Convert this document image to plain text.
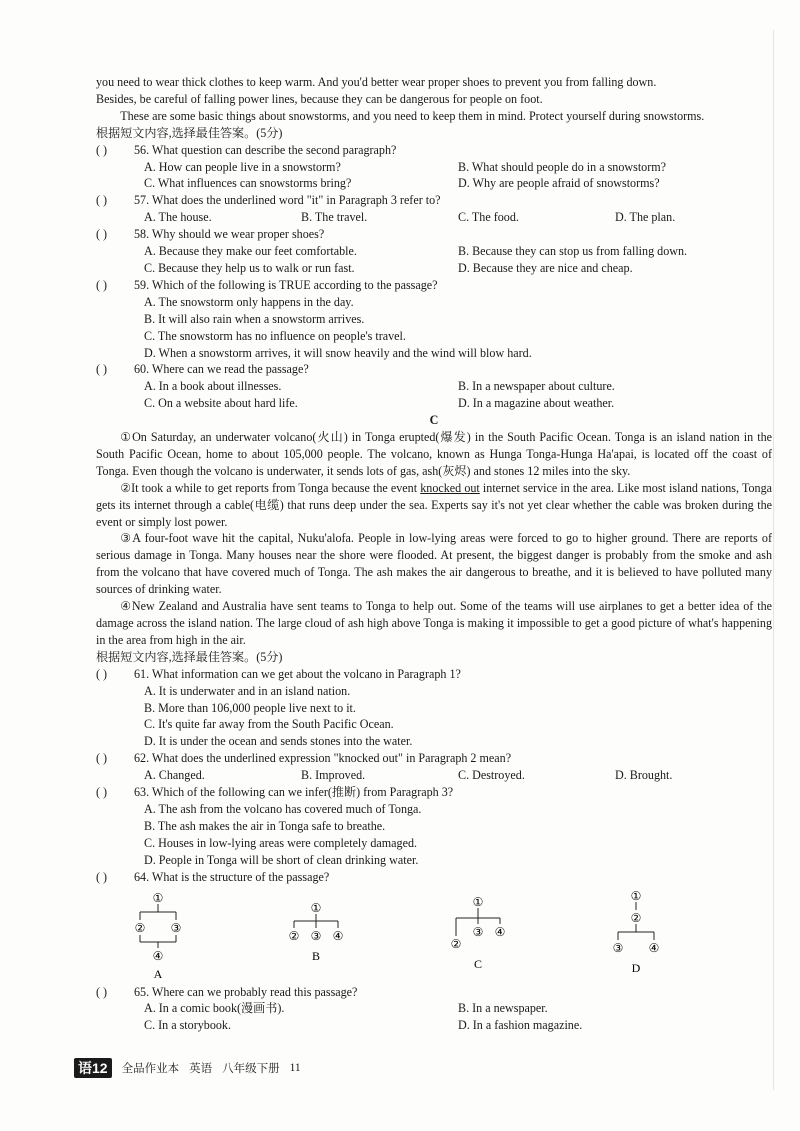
you need to wear thick clothes to keep warm. And you'd better wear proper shoes to prevent you from falling down.

Besides, be careful of falling power lines, because they can be dangerous for people on foot.

These are some basic things about snowstorms, and you need to keep them in mind. Protect yourself during snowstorms.

根据短文内容,选择最佳答案。(5分)

( ) 56. What question can describe the second paragraph?
A. How can people live in a snowstorm?	B. What should people do in a snowstorm?
C. What influences can snowstorms bring?	D. Why are people afraid of snowstorms?
( ) 57. What does the underlined word "it" in Paragraph 3 refer to?
A. The house.	B. The travel.	C. The food.	D. The plan.
( ) 58. Why should we wear proper shoes?
A. Because they make our feet comfortable.	B. Because they can stop us from falling down.
C. Because they help us to walk or run fast.	D. Because they are nice and cheap.
( ) 59. Which of the following is TRUE according to the passage?
A. The snowstorm only happens in the day.
B. It will also rain when a snowstorm arrives.
C. The snowstorm has no influence on people's travel.
D. When a snowstorm arrives, it will snow heavily and the wind will blow hard.
( ) 60. Where can we read the passage?
A. In a book about illnesses.	B. In a newspaper about culture.
C. On a website about hard life.	D. In a magazine about weather.

C

①On Saturday, an underwater volcano(火山) in Tonga erupted(爆发) in the South Pacific Ocean. Tonga is an island nation in the South Pacific Ocean, home to about 105,000 people. The volcano, known as Hunga Tonga-Hunga Ha'apai, is located off the coast of Tonga. Even though the volcano is underwater, it sends lots of gas, ash(灰烬) and stones 12 miles into the sky.

②It took a while to get reports from Tonga because the event knocked out internet service in the area. Like most island nations, Tonga gets its internet through a cable(电缆) that runs deep under the sea. Experts say it's not yet clear whether the cable was broken during the event or simply lost power.

③A four-foot wave hit the capital, Nuku'alofa. People in low-lying areas were forced to go to higher ground. There are reports of serious damage in Tonga. Many houses near the shore were flooded. At present, the biggest danger is probably from the smoke and ash from the volcano that have covered much of Tonga. The ash makes the air dangerous to breathe, and it is believed to have polluted many sources of drinking water.

④New Zealand and Australia have sent teams to Tonga to help out. Some of the teams will use airplanes to get a better idea of the damage across the island nation. The large cloud of ash high above Tonga is making it impossible to get a good picture of what's happening in the area from high in the air.

根据短文内容,选择最佳答案。(5分)

( ) 61. What information can we get about the volcano in Paragraph 1?
A. It is underwater and in an island nation.
B. More than 106,000 people live next to it.
C. It's quite far away from the South Pacific Ocean.
D. It is under the ocean and sends stones into the water.
( ) 62. What does the underlined expression "knocked out" in Paragraph 2 mean?
A. Changed.	B. Improved.	C. Destroyed.	D. Brought.
( ) 63. Which of the following can we infer(推断) from Paragraph 3?
A. The ash from the volcano has covered much of Tonga.
B. The ash makes the air in Tonga safe to breathe.
C. Houses in low-lying areas were completely damaged.
D. People in Tonga will be short of clean drinking water.
( ) 64. What is the structure of the passage?
①
② ③
④
A
①
② ③ ④
B
①
②
③ ④
C
①
②
③ ④
D
( ) 65. Where can we probably read this passage?
A. In a comic book(漫画书).	B. In a newspaper.
C. In a storybook.	D. In a fashion magazine.
语12	全品作业本 英语 八年级下册 11
